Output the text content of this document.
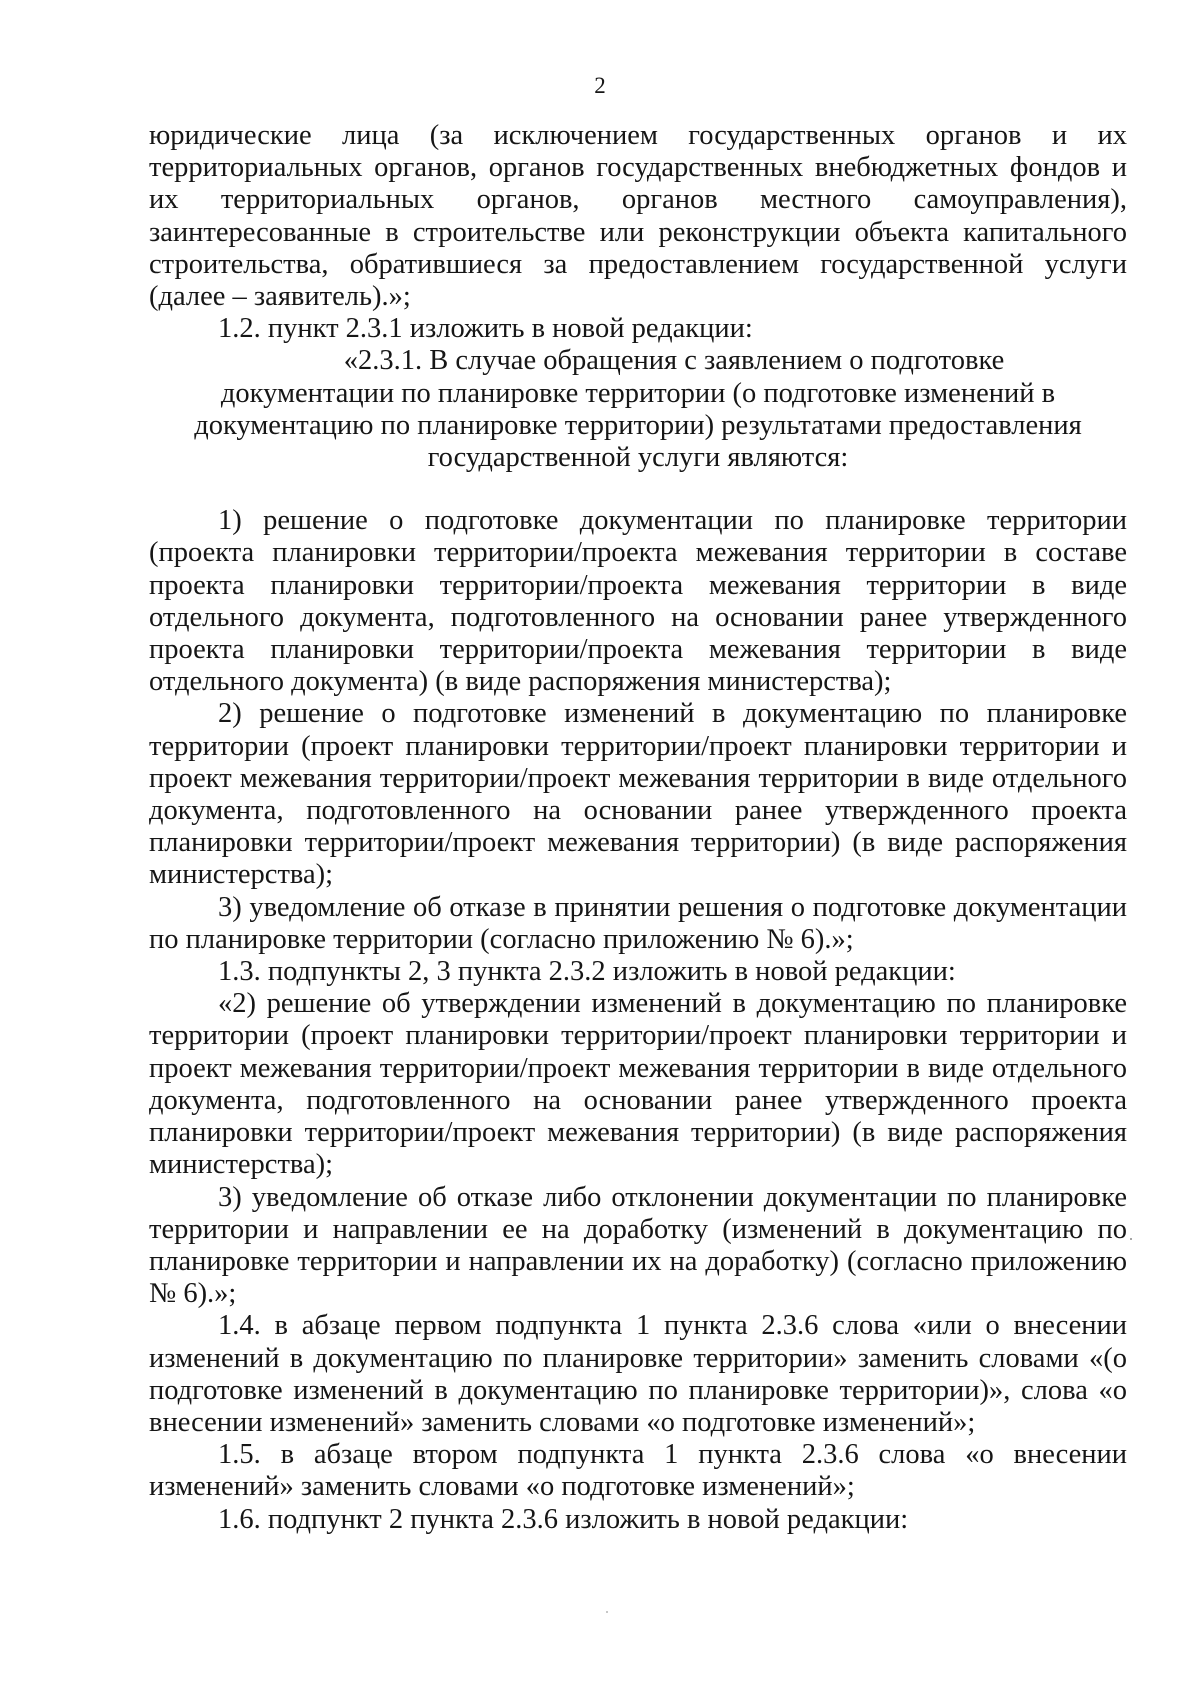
2

юридические лица (за исключением государственных органов и их территориальных органов, органов государственных внебюджетных фондов и их территориальных органов, органов местного самоуправления), заинтересованные в строительстве или реконструкции объекта капитального строительства, обратившиеся за предоставлением государственной услуги (далее – заявитель).»;

1.2. пункт 2.3.1 изложить в новой редакции:

«2.3.1. В случае обращения с заявлением о подготовке
документации по планировке территории (о подготовке изменений в
документацию по планировке территории) результатами предоставления
государственной услуги являются:

1) решение о подготовке документации по планировке территории (проекта планировки территории/проекта межевания территории в составе проекта планировки территории/проекта межевания территории в виде отдельного документа, подготовленного на основании ранее утвержденного проекта планировки территории/проекта межевания территории в виде отдельного документа) (в виде распоряжения министерства);

2) решение о подготовке изменений в документацию по планировке территории (проект планировки территории/проект планировки территории и проект межевания территории/проект межевания территории в виде отдельного документа, подготовленного на основании ранее утвержденного проекта планировки территории/проект межевания территории) (в виде распоряжения министерства);

3) уведомление об отказе в принятии решения о подготовке документации по планировке территории (согласно приложению № 6).»;

1.3. подпункты 2, 3 пункта 2.3.2 изложить в новой редакции:

«2) решение об утверждении изменений в документацию по планировке территории (проект планировки территории/проект планировки территории и проект межевания территории/проект межевания территории в виде отдельного документа, подготовленного на основании ранее утвержденного проекта планировки территории/проект межевания территории) (в виде распоряжения министерства);

3) уведомление об отказе либо отклонении документации по планировке территории и направлении ее на доработку (изменений в документацию по планировке территории и направлении их на доработку) (согласно приложению № 6).»;

1.4. в абзаце первом подпункта 1 пункта 2.3.6 слова «или о внесении изменений в документацию по планировке территории» заменить словами «(о подготовке изменений в документацию по планировке территории)», слова «о внесении изменений» заменить словами «о подготовке изменений»;

1.5. в абзаце втором подпункта 1 пункта 2.3.6 слова «о внесении изменений» заменить словами «о подготовке изменений»;

1.6. подпункт 2 пункта 2.3.6 изложить в новой редакции:
